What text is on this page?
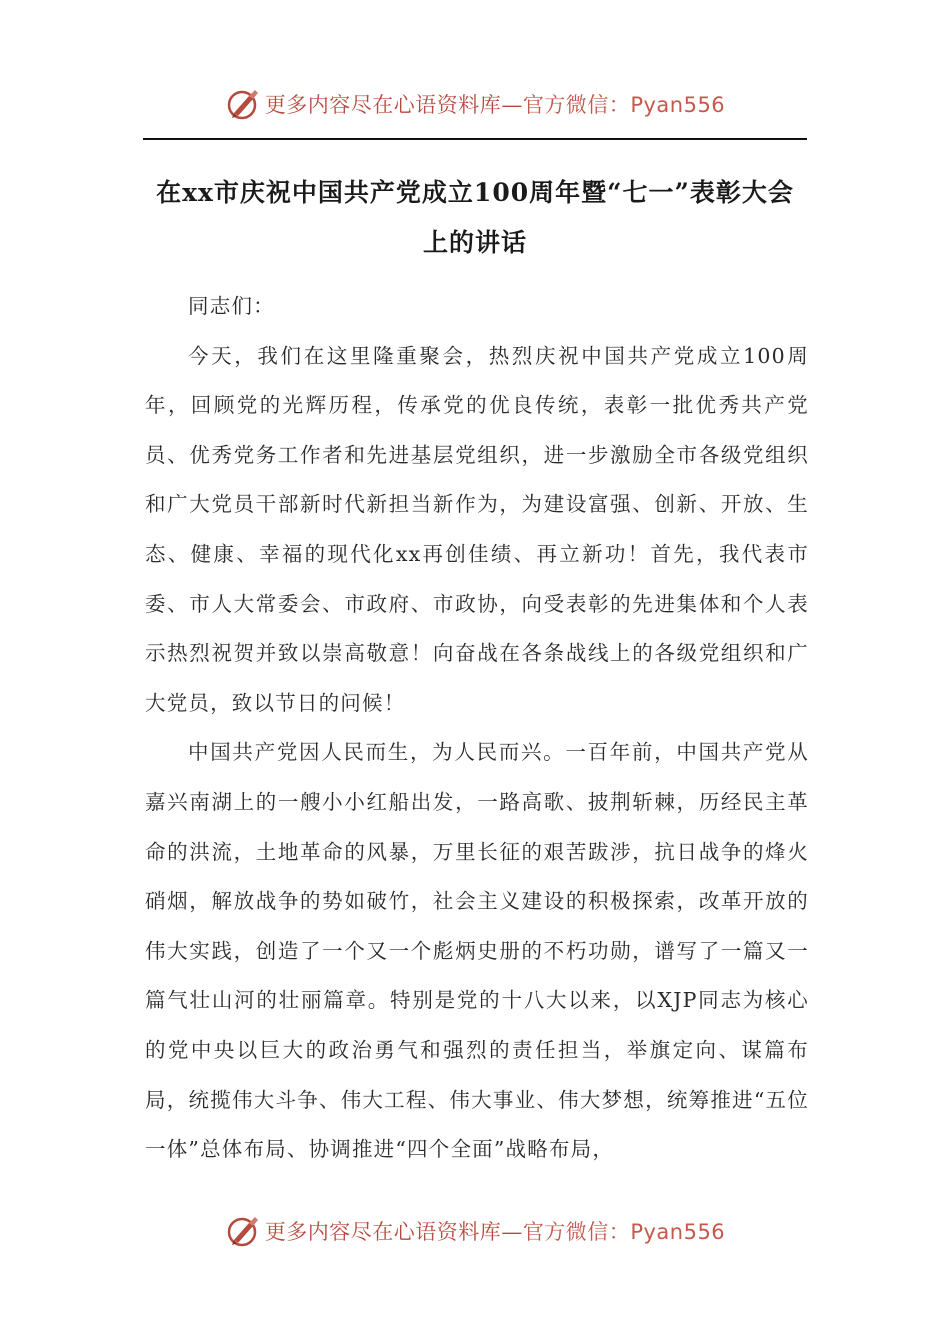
更多内容尽在心语资料库—官方微信：Pyan556
在xx市庆祝中国共产党成立100周年暨“七一”表彰大会
上的讲话

同志们：

今天，我们在这里隆重聚会，热烈庆祝中国共产党成立100周年，回顾党的光辉历程，传承党的优良传统，表彰一批优秀共产党员、优秀党务工作者和先进基层党组织，进一步激励全市各级党组织和广大党员干部新时代新担当新作为，为建设富强、创新、开放、生态、健康、幸福的现代化xx再创佳绩、再立新功！首先，我代表市委、市人大常委会、市政府、市政协，向受表彰的先进集体和个人表示热烈祝贺并致以崇高敬意！向奋战在各条战线上的各级党组织和广大党员，致以节日的问候！

中国共产党因人民而生，为人民而兴。一百年前，中国共产党从嘉兴南湖上的一艘小小红船出发，一路高歌、披荆斩棘，历经民主革命的洪流，土地革命的风暴，万里长征的艰苦跋涉，抗日战争的烽火硝烟，解放战争的势如破竹，社会主义建设的积极探索，改革开放的伟大实践，创造了一个又一个彪炳史册的不朽功勋，谱写了一篇又一篇气壮山河的壮丽篇章。特别是党的十八大以来，以XJP同志为核心的党中央以巨大的政治勇气和强烈的责任担当，举旗定向、谋篇布局，统揽伟大斗争、伟大工程、伟大事业、伟大梦想，统筹推进“五位一体”总体布局、协调推进“四个全面”战略布局，

更多内容尽在心语资料库—官方微信：Pyan556
